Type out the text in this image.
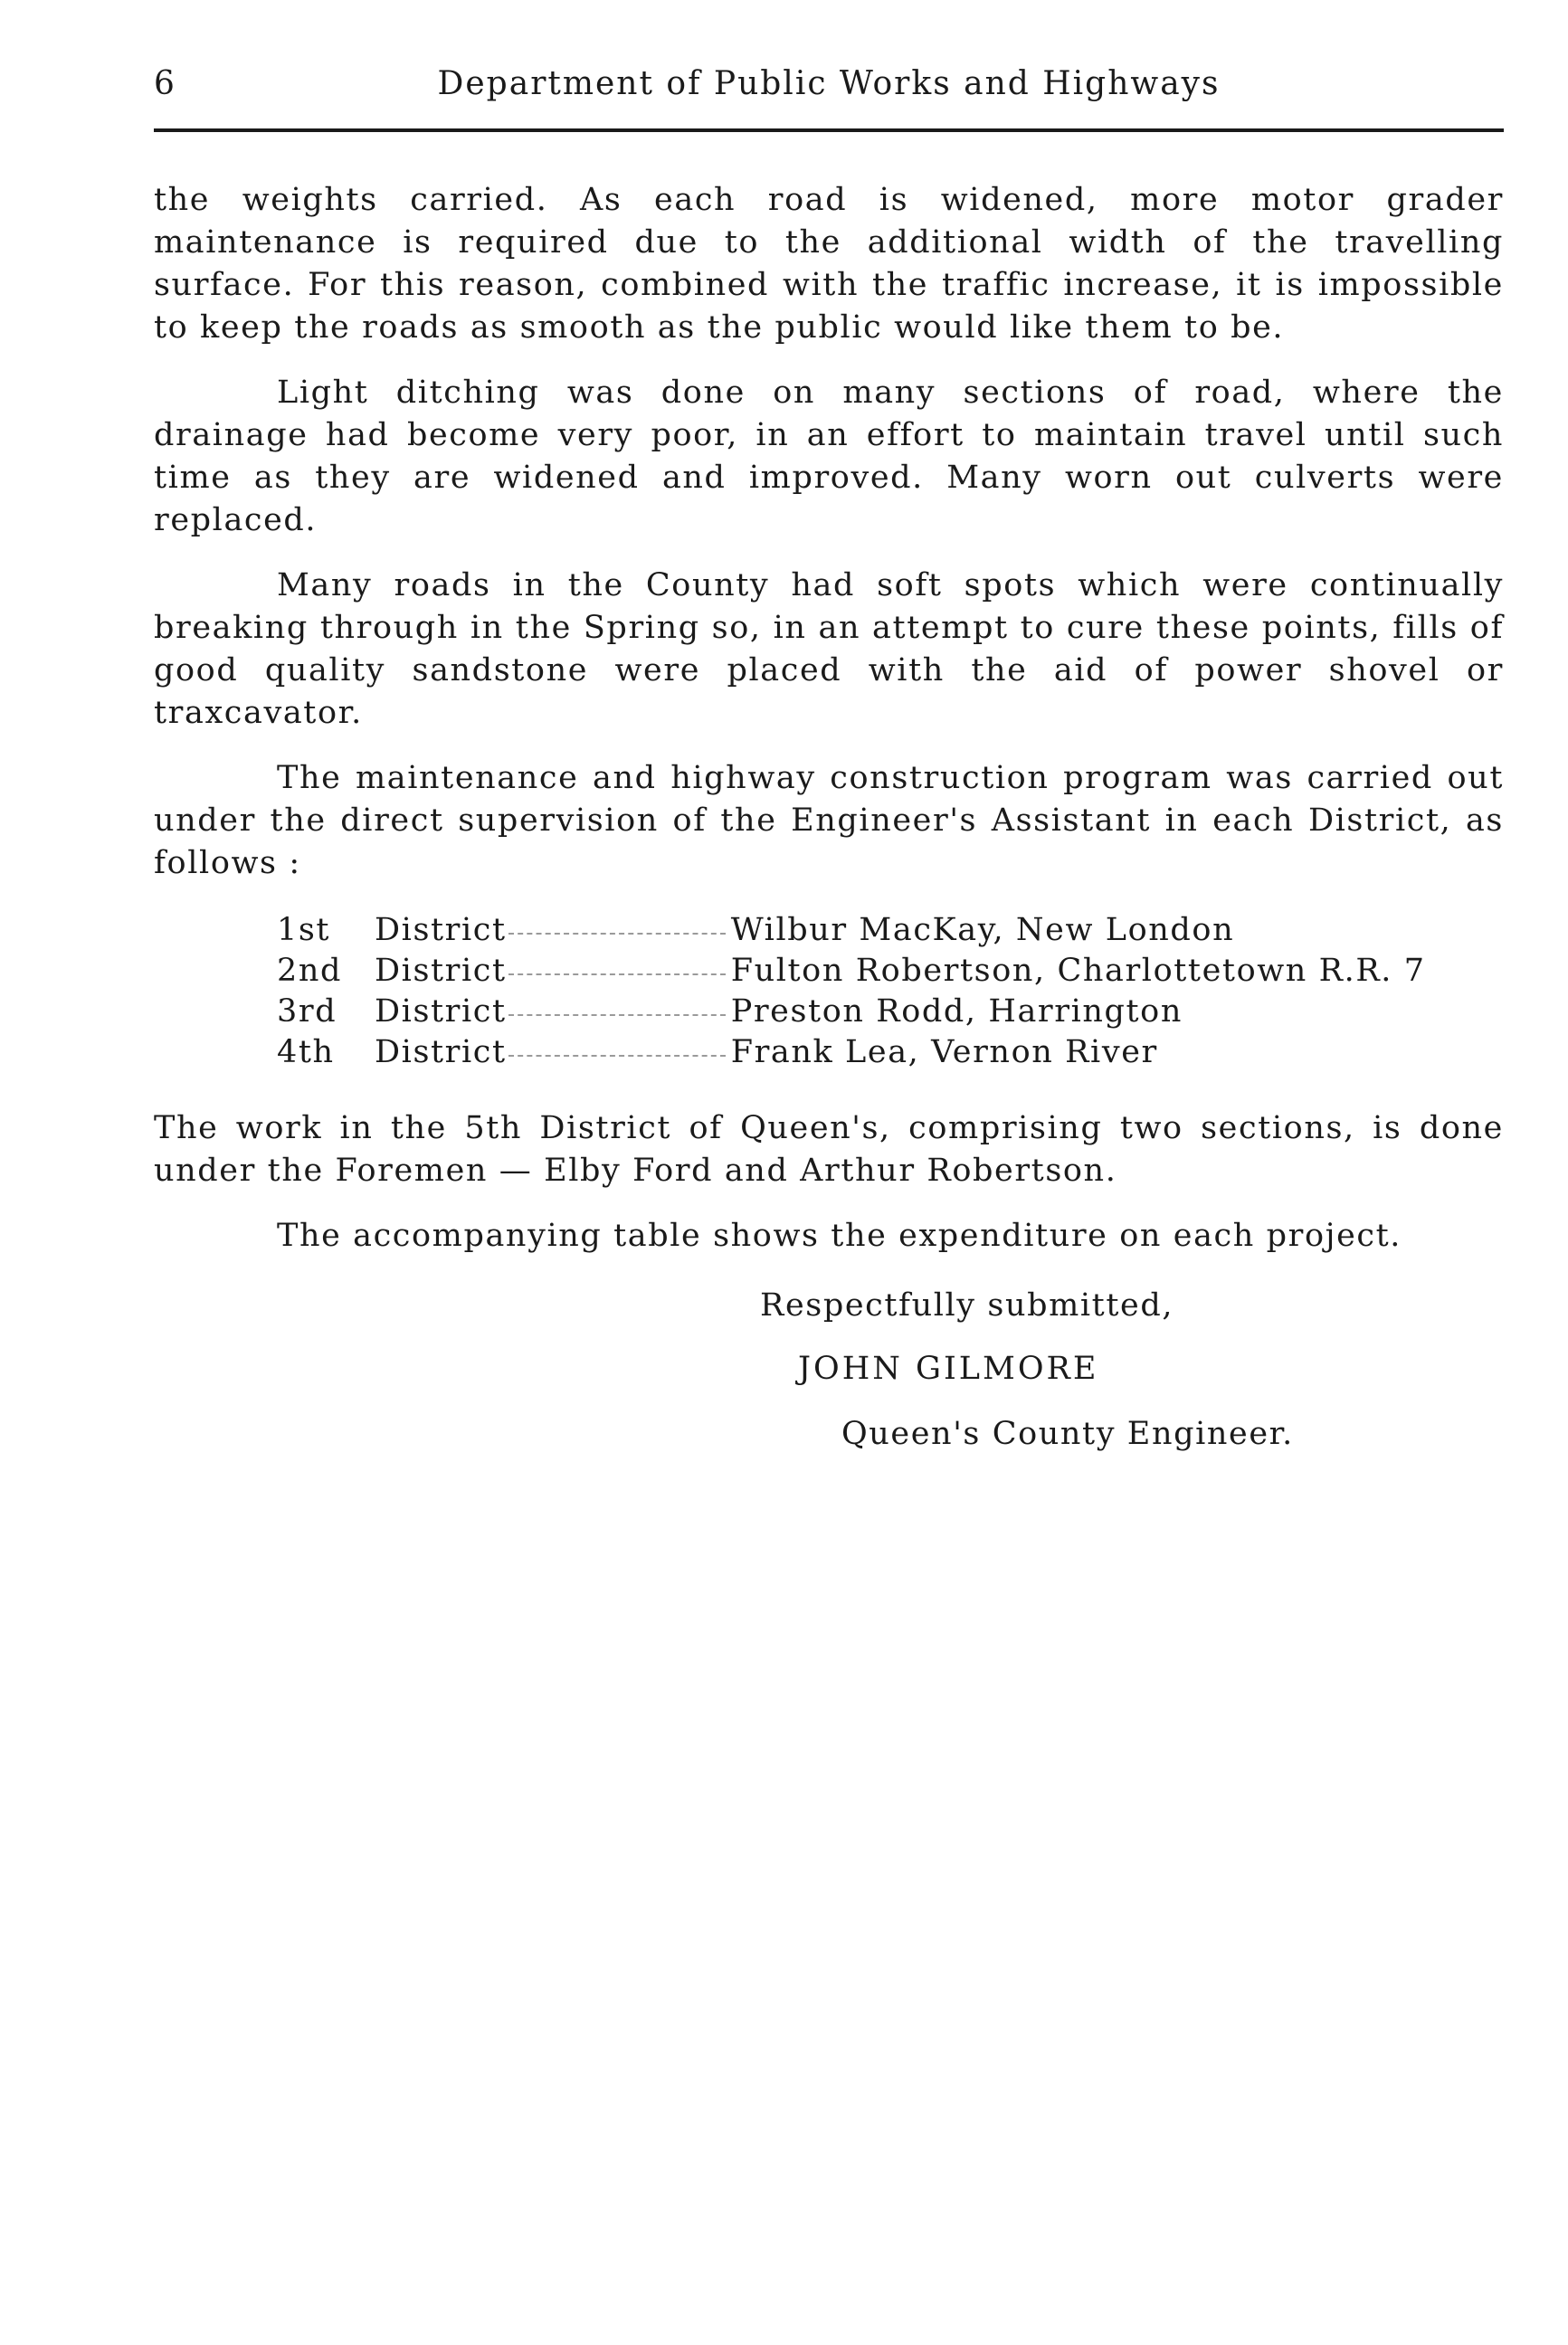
6	Department of Public Works and Highways

the weights carried. As each road is widened, more motor grader maintenance is required due to the additional width of the travelling surface. For this reason, combined with the traffic increase, it is impossible to keep the roads as smooth as the public would like them to be.

Light ditching was done on many sections of road, where the drainage had become very poor, in an effort to maintain travel until such time as they are widened and improved. Many worn out culverts were replaced.

Many roads in the County had soft spots which were continually breaking through in the Spring so, in an attempt to cure these points, fills of good quality sandstone were placed with the aid of power shovel or traxcavator.

The maintenance and highway construction program was carried out under the direct supervision of the Engineer's Assistant in each District, as follows :

1st	District	Wilbur MacKay, New London
2nd	District	Fulton Robertson, Charlottetown R.R. 7
3rd	District	Preston Rodd, Harrington
4th	District	Frank Lea, Vernon River

The work in the 5th District of Queen's, comprising two sections, is done under the Foremen — Elby Ford and Arthur Robertson.

The accompanying table shows the expenditure on each project.

Respectfully submitted,
JOHN GILMORE
Queen's County Engineer.
